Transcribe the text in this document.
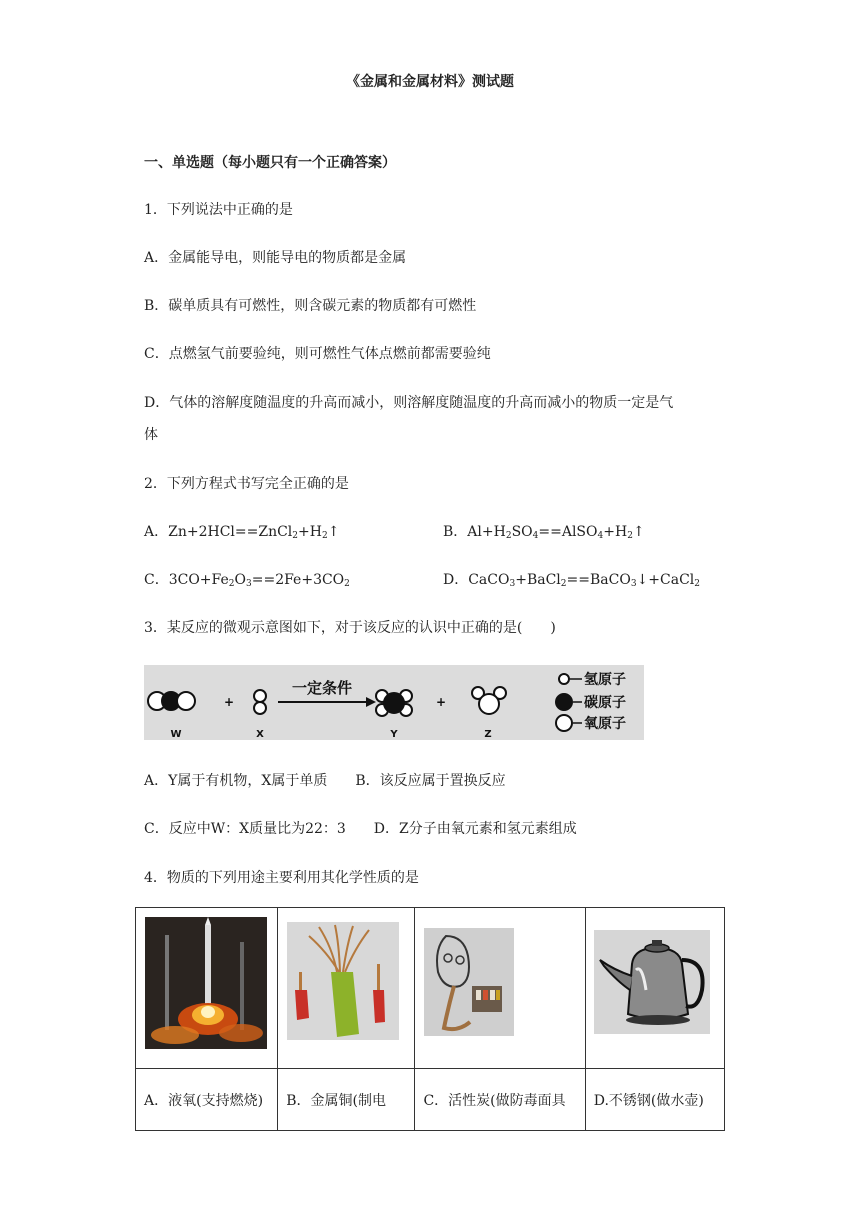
《金属和金属材料》测试题
一、单选题（每小题只有一个正确答案）
1．下列说法中正确的是
A．金属能导电，则能导电的物质都是金属
B．碳单质具有可燃性，则含碳元素的物质都有可燃性
C．点燃氢气前要验纯，则可燃性气体点燃前都需要验纯
D．气体的溶解度随温度的升高而减小，则溶解度随温度的升高而减小的物质一定是气
体
2．下列方程式书写完全正确的是
A．$Zn+2HCl==ZnCl_2+H_2↑$	B．$Al+H_2SO_4==AlSO_4+H_2↑$
C．$3CO+Fe_2O_3==2Fe+3CO_2$	D．CaCO$_3$+BaCl$_2$==BaCO$_3$↓+CaCl$_2$
3．某反应的微观示意图如下，对于该反应的认识中正确的是(　　)
一定条件
+	+
W	X	Y	Z
氢原子
碳原子
氧原子
A．Y属于有机物，X属于单质　　B．该反应属于置换反应
C．反应中W：X质量比为22：3　　D．Z分子由氧元素和氢元素组成
4．物质的下列用途主要利用其化学性质的是

A．液氧(支持燃烧)	B．金属铜(制电	C．活性炭(做防毒面具	D.不锈钢(做水壶)
